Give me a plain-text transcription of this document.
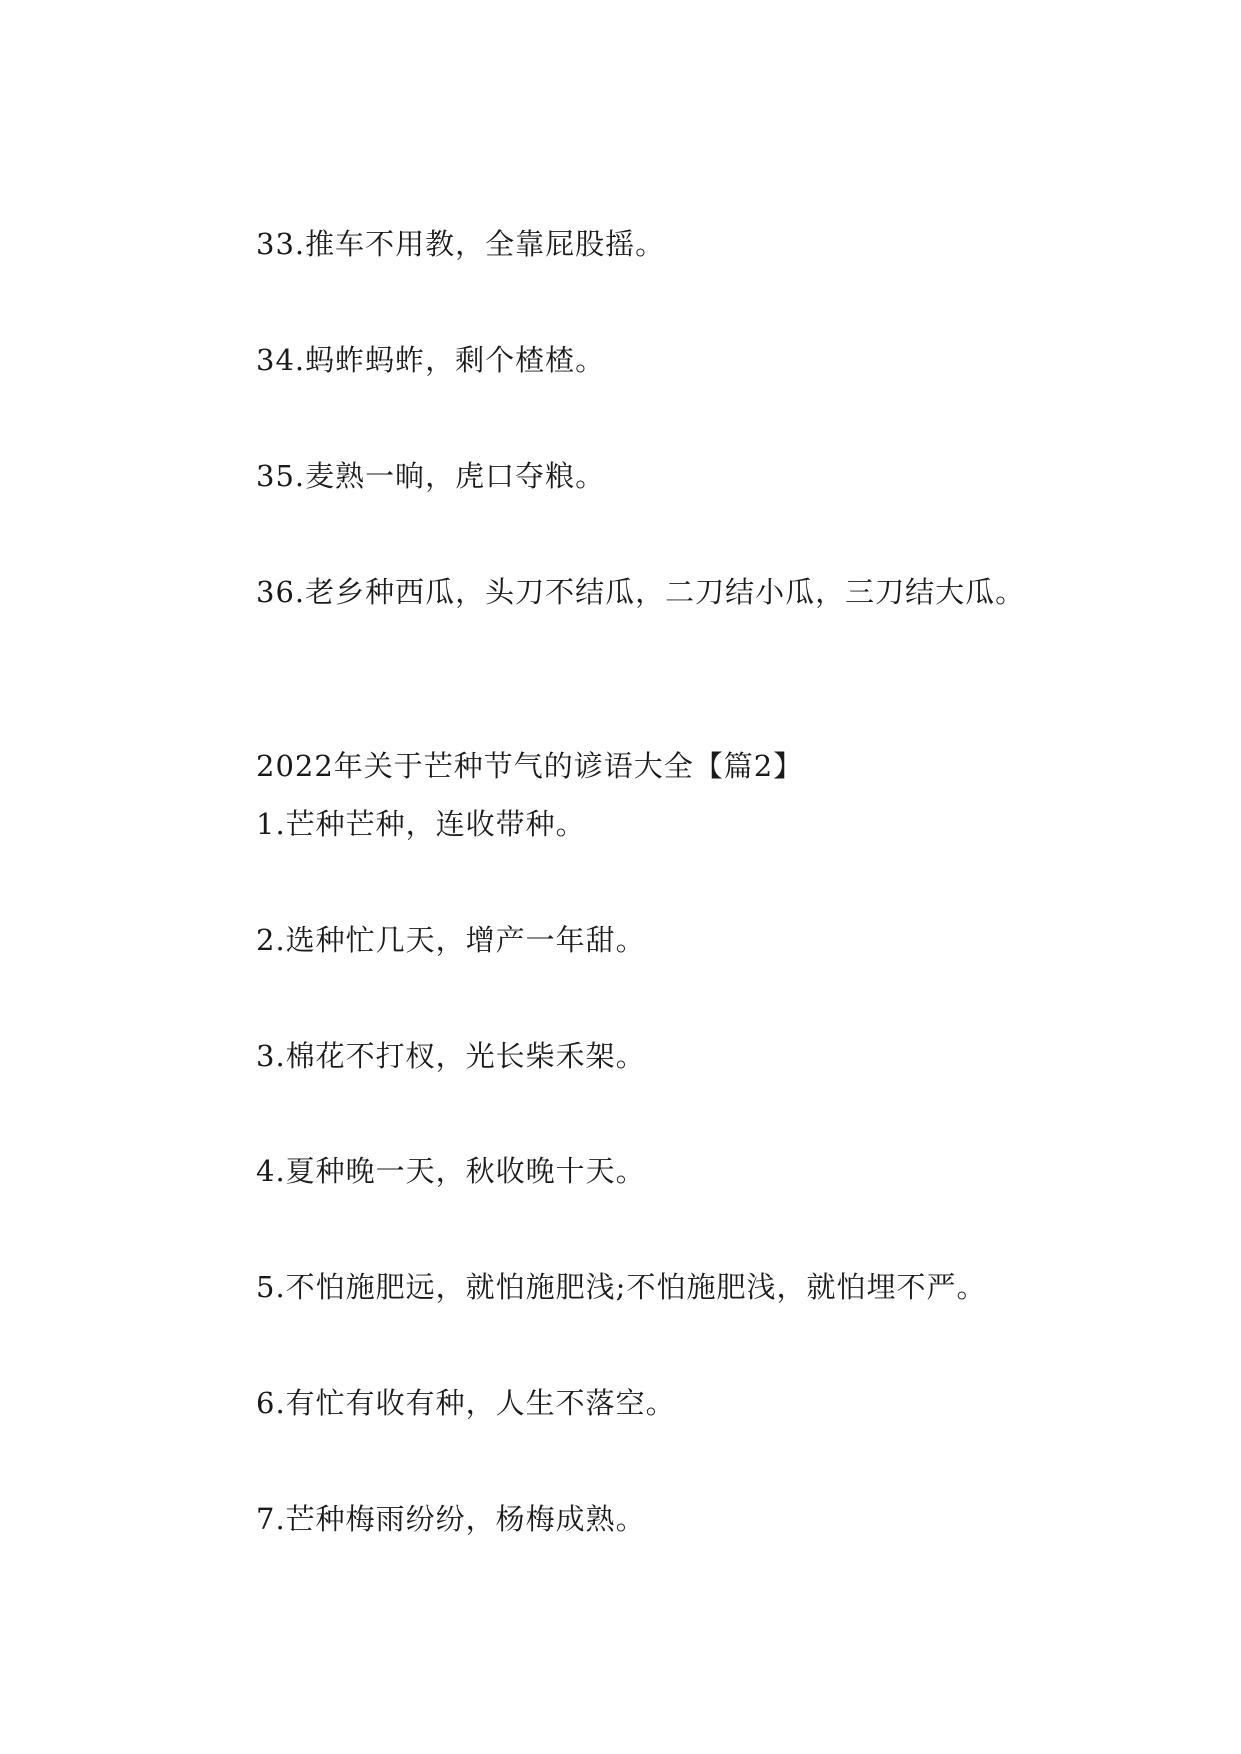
33.推车不用教，全靠屁股摇。
34.蚂蚱蚂蚱，剩个楂楂。
35.麦熟一晌，虎口夺粮。
36.老乡种西瓜，头刀不结瓜，二刀结小瓜，三刀结大瓜。
2022年关于芒种节气的谚语大全【篇2】
1.芒种芒种，连收带种。
2.选种忙几天，增产一年甜。
3.棉花不打杈，光长柴禾架。
4.夏种晚一天，秋收晚十天。
5.不怕施肥远，就怕施肥浅;不怕施肥浅，就怕埋不严。
6.有忙有收有种，人生不落空。
7.芒种梅雨纷纷，杨梅成熟。
